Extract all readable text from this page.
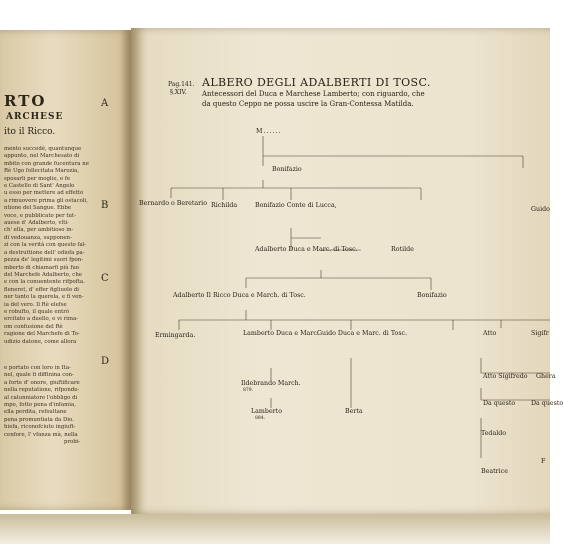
RTO
ARCHESE
ito il Ricco.
A
B
C
D
mento succedè, quantunque
appunto, nel Marchesato di
mbito con grande fucentura ne
Rè Ugo follecitata Marozia,
sposarli per moglie, e fe
e Castello di Sant' Angelo
u esso per mettere ad effetto
a rimuovere prima gli ostacoli,
ntione del Sangue. Ebbe
voce, e pubblicato per tut-
auese d' Adalberto, vlti-
ch' ella, per ambitioso in-
di vedouanza, supponen-
zì con la verità con questo fal-
a destruttione dell' odiofa pa-
pezza de' legitimi suori fpon-
mberto di chiamarfi più fuo
del Marchefe Adalberto, che
e con la conuentente rifpofta.
fleneret, d' effer figliuolo di
ner tanto la querela, e fi ven-
ia del vero. Il Rè elefse
e robufto, il quale entrò
ercitato a duello, e vi rima-
om confusione del Rè
ragione del Marchefe di To-
udizio datone, come allora
e portato con loro in Ita-
nel, quale fi diffinina con-
a forte d' onore, giuftificare
nella reputatione, rifponde-
al calunniatore l'obbligo di
mpo, fotto pena d'infamia,
ella perdita, refsultane
pena promuntiata da Dio.
hiefa, riconofciuto ingiuft-
cenfore, l' vfanza mà, nella
probi-
Pag.141.
§.XIV.
ALBERO DEGLI ADALBERTI DI TOSC.
Antecessori del Duca e Marchese Lamberto; con riguardo, che
da questo Ceppo ne possa uscire la Gran-Contessa Matilda.
M......
Bonifazio
Bernardo o Beretario Richilda	Bonifazio Conte di Lucca,
Guido
Adalberto Duca e Marc. di Tosc.	Rotilde
Adalberto Il Ricco Duca e March. di Tosc.	Bonifazio
Ermingarda.	Lamberto Duca e Marc.
Guido Duca e Marc. di Tosc.	Atto	Sigifr
Ildebrando March.
879.
Berta
Atto Sigifredo Ghera
Lamberto
884.
Da questo	Da questo
Tedaldo
Beatrice
F
